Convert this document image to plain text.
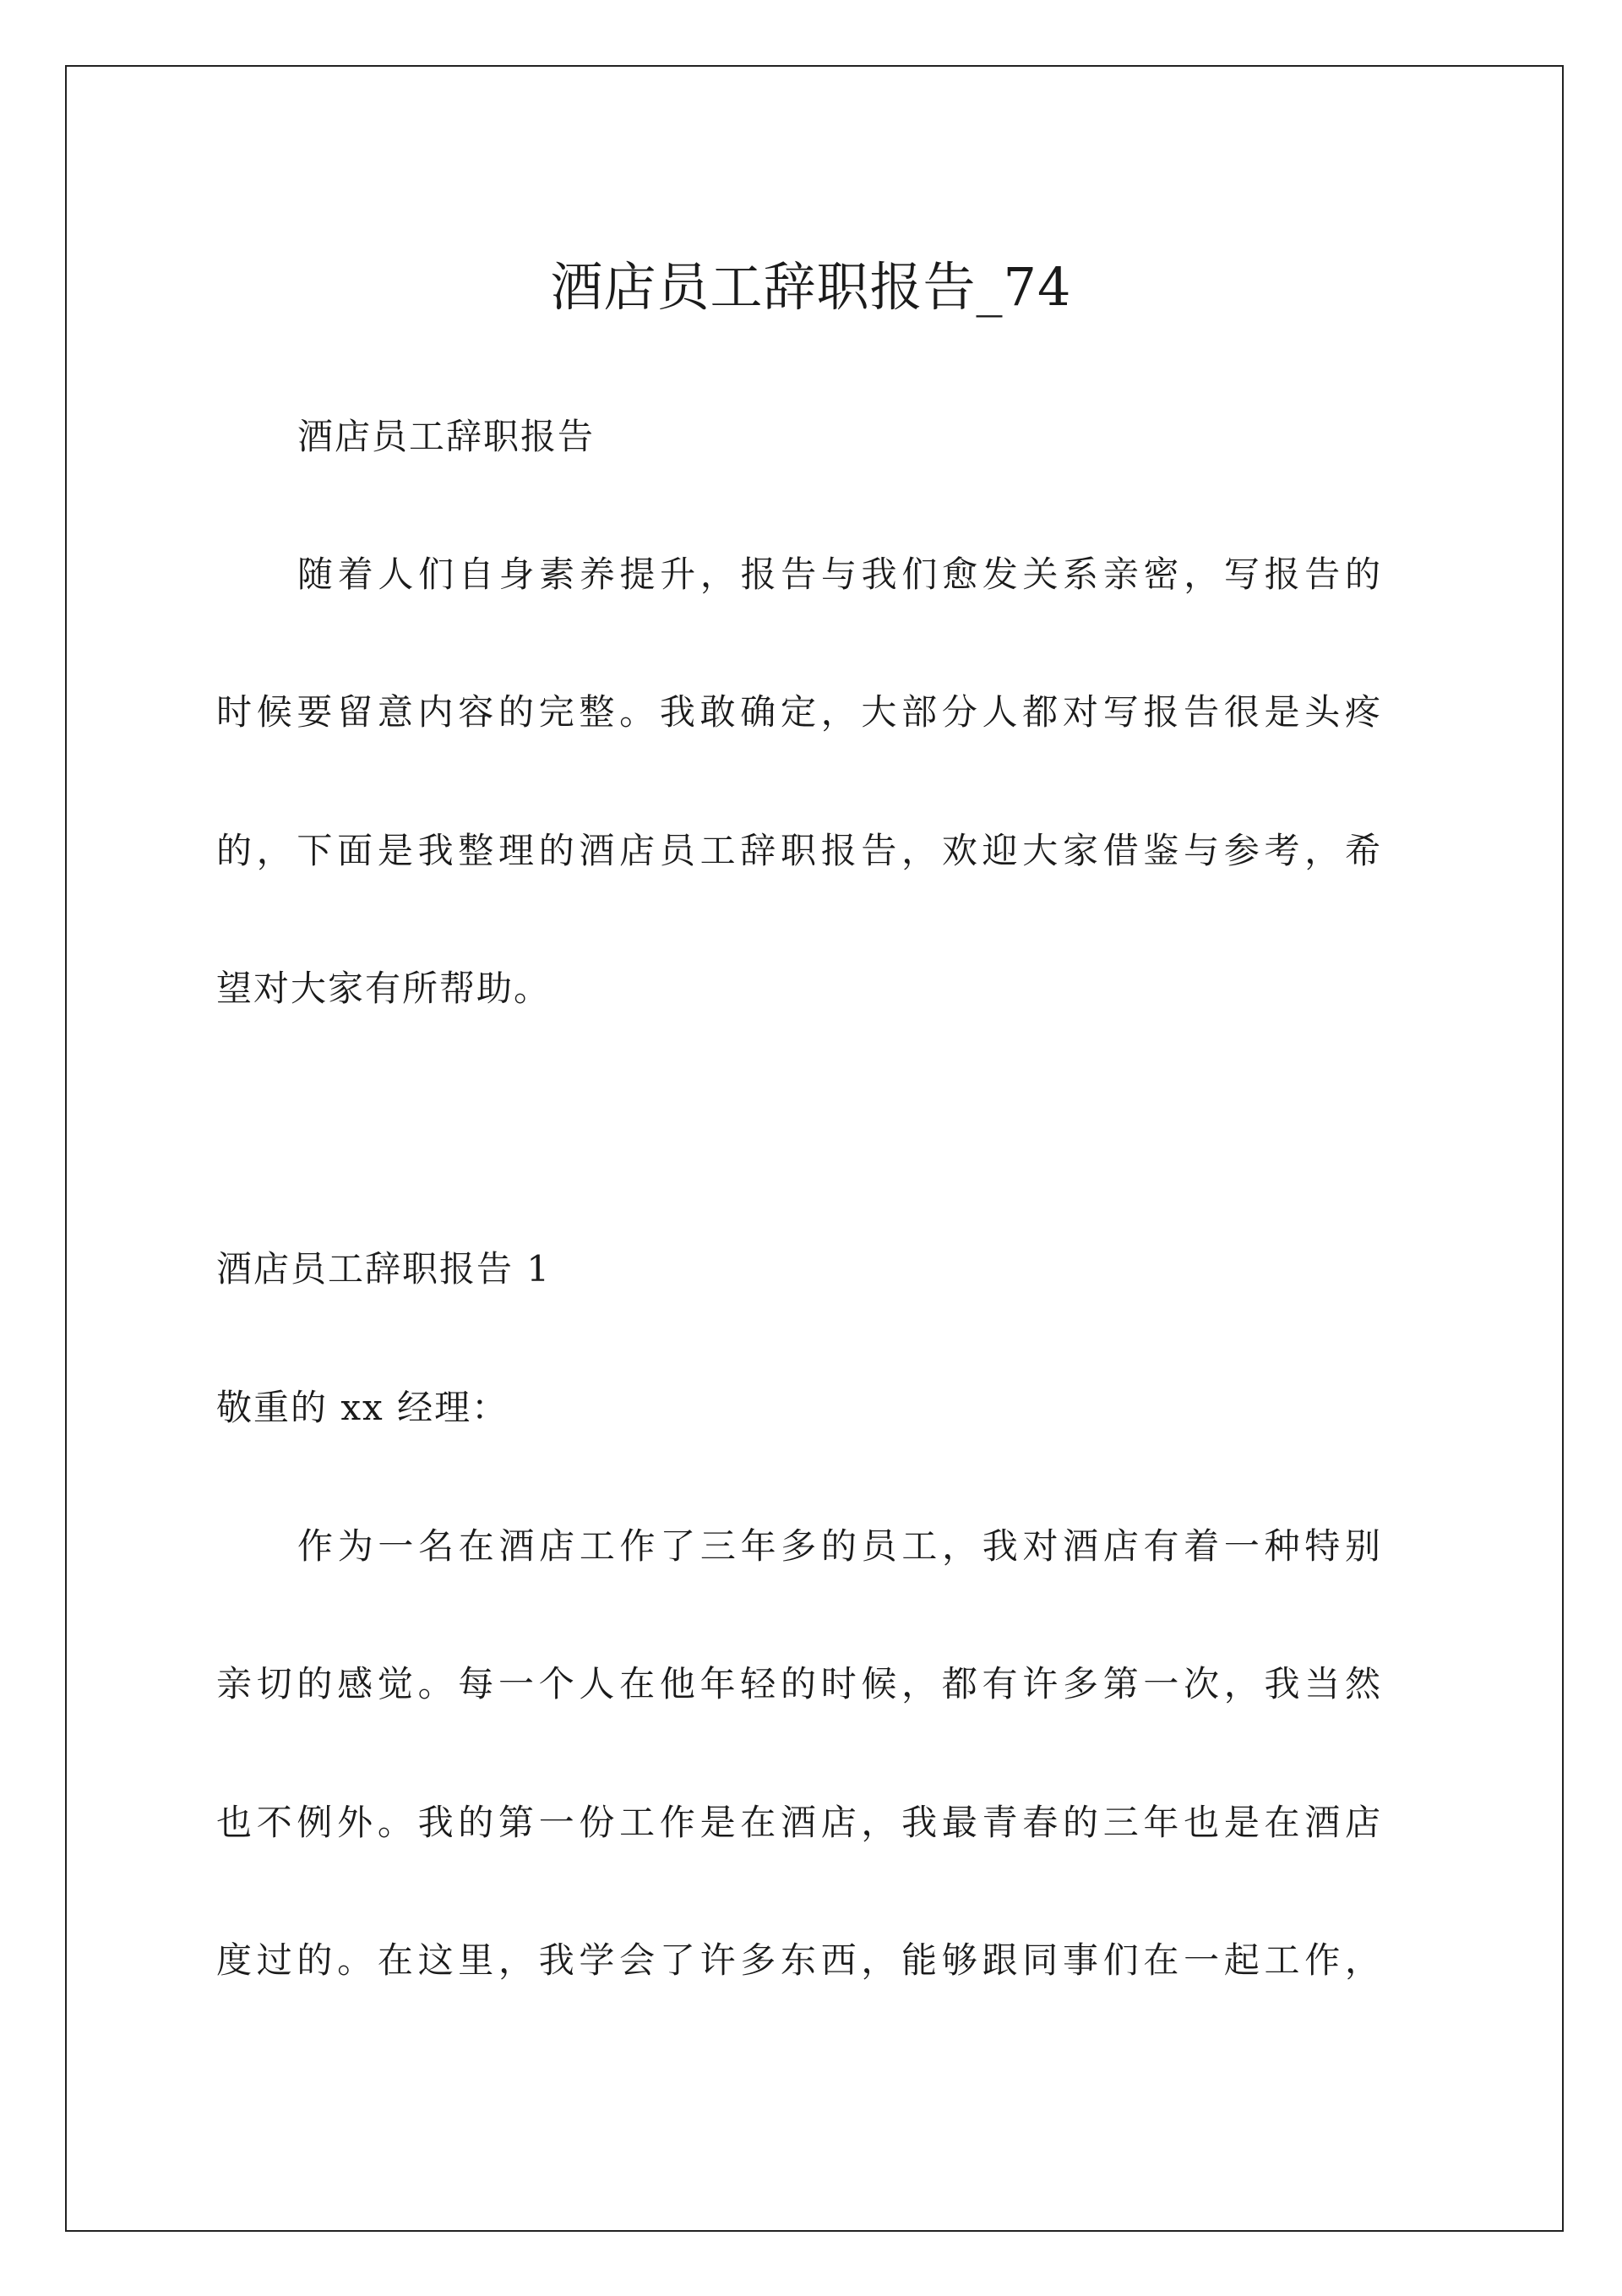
酒店员工辞职报告_74
酒店员工辞职报告
随着人们自身素养提升，报告与我们愈发关系亲密，写报告的
时候要留意内容的完整。我敢确定，大部分人都对写报告很是头疼
的，下面是我整理的酒店员工辞职报告，欢迎大家借鉴与参考，希
望对大家有所帮助。
酒店员工辞职报告 1
敬重的 xx 经理：
作为一名在酒店工作了三年多的员工，我对酒店有着一种特别
亲切的感觉。每一个人在他年轻的时候，都有许多第一次，我当然
也不例外。我的第一份工作是在酒店，我最青春的三年也是在酒店
度过的。在这里，我学会了许多东西，能够跟同事们在一起工作，
